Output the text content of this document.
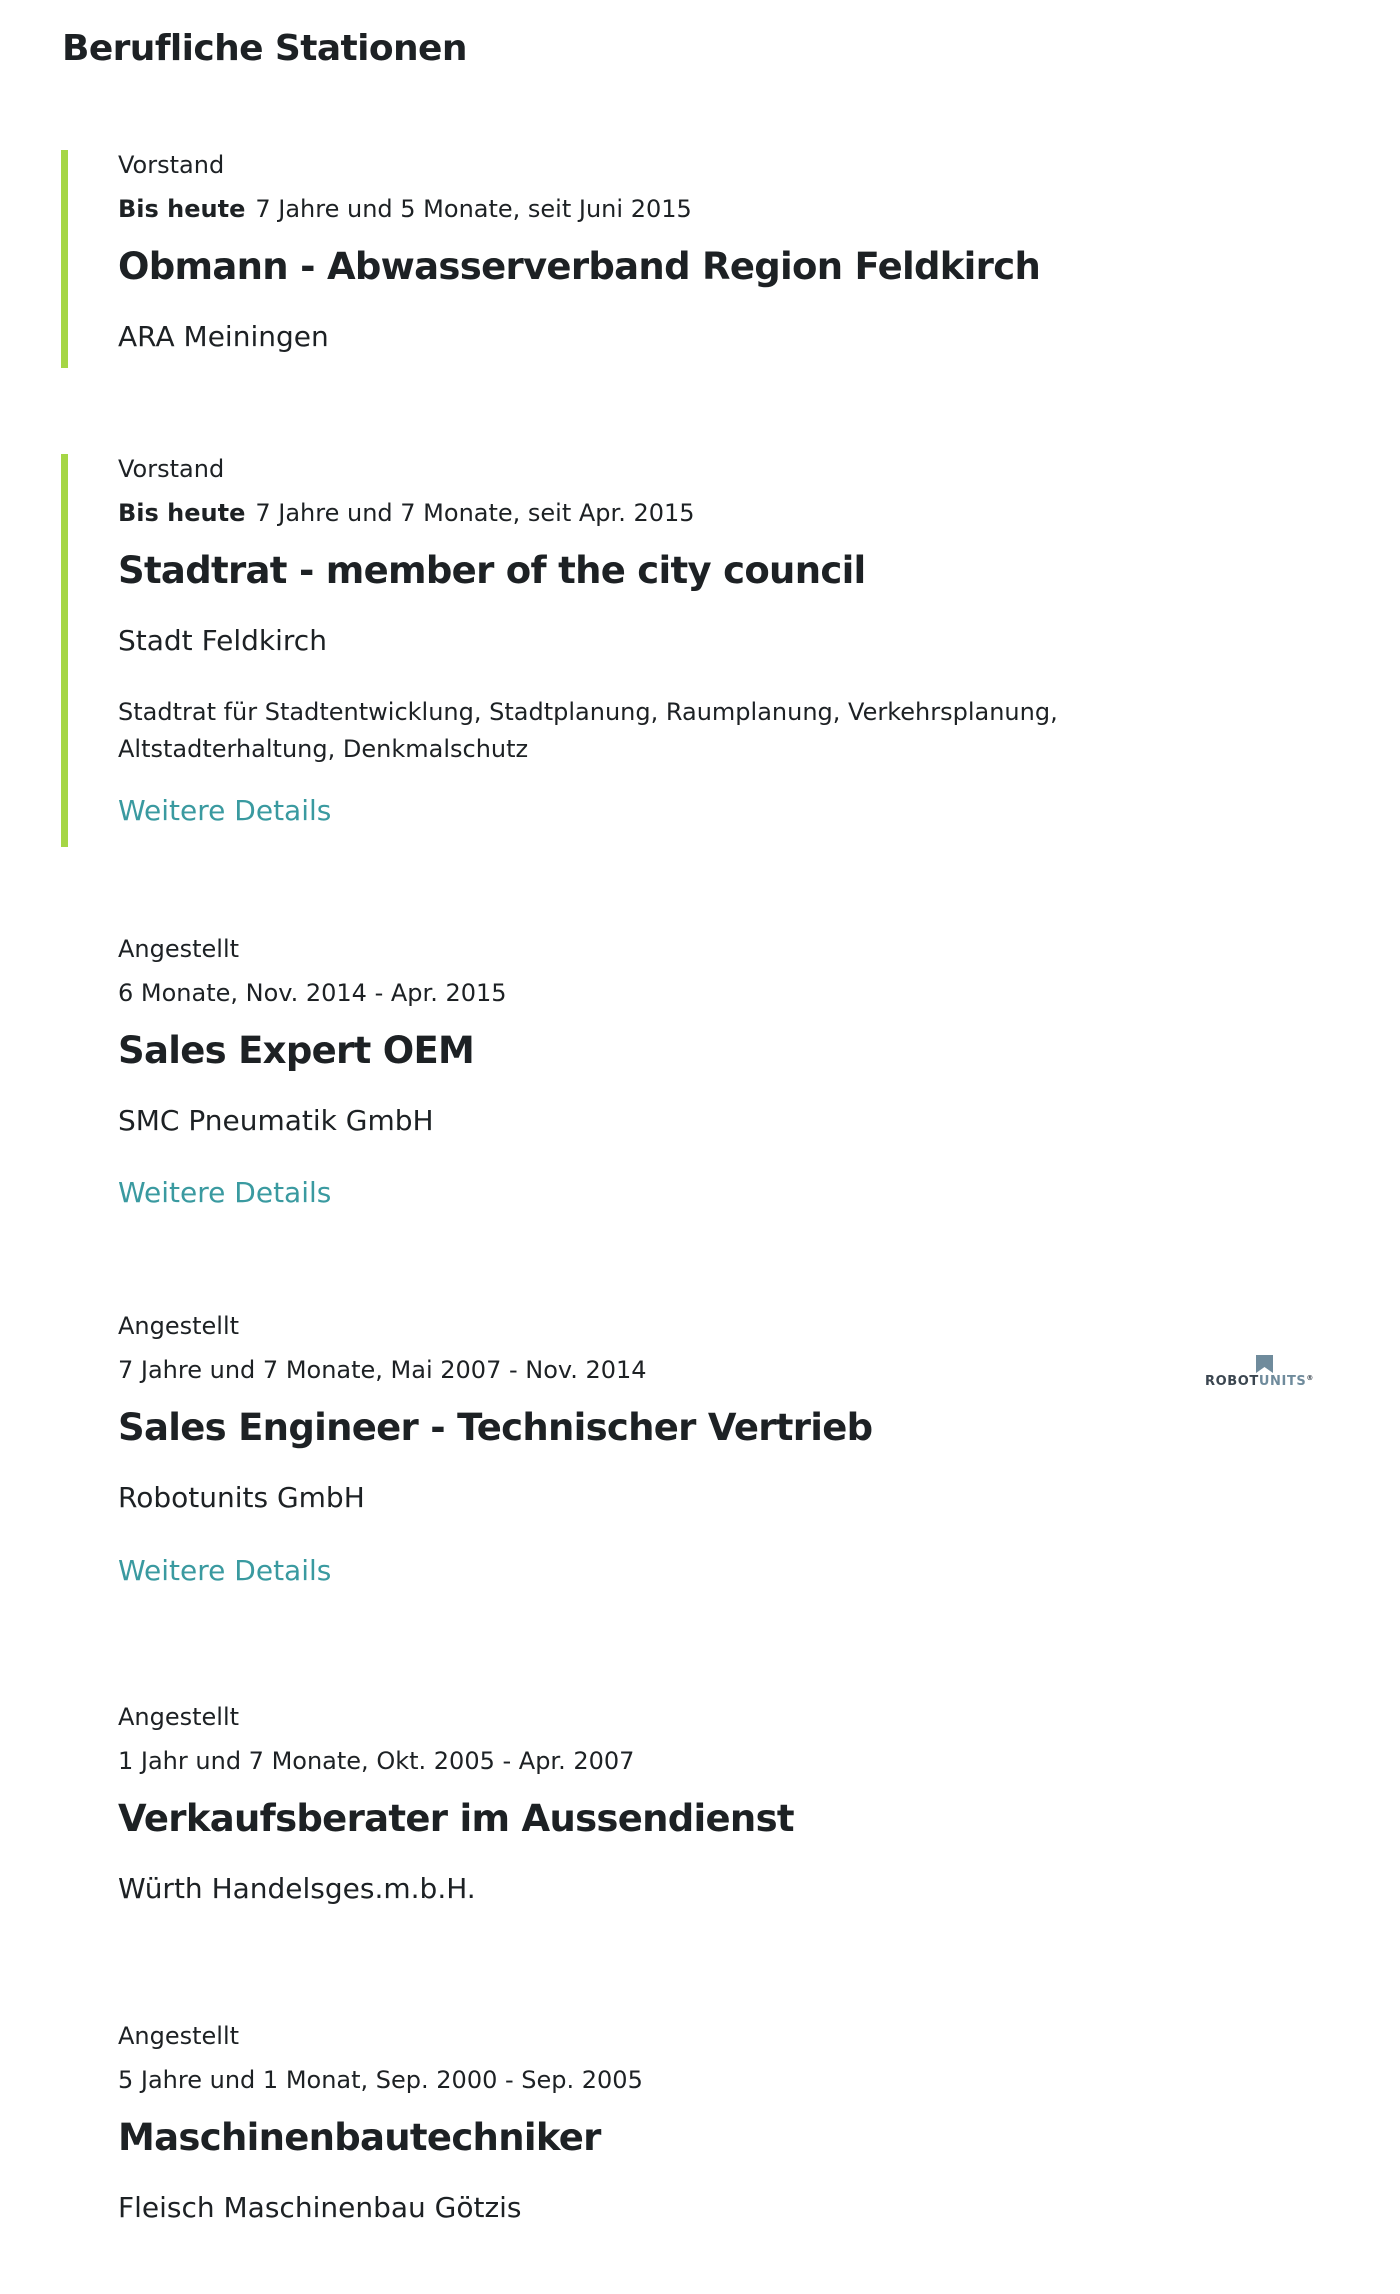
Berufliche Stationen
Vorstand
Bis heute 7 Jahre und 5 Monate, seit Juni 2015
Obmann - Abwasserverband Region Feldkirch
ARA Meiningen
Vorstand
Bis heute 7 Jahre und 7 Monate, seit Apr. 2015
Stadtrat - member of the city council
Stadt Feldkirch
Stadtrat für Stadtentwicklung, Stadtplanung, Raumplanung, Verkehrsplanung, Altstadterhaltung, Denkmalschutz
Weitere Details
Angestellt
6 Monate, Nov. 2014 - Apr. 2015
Sales Expert OEM
SMC Pneumatik GmbH
Weitere Details
Angestellt
7 Jahre und 7 Monate, Mai 2007 - Nov. 2014
Sales Engineer - Technischer Vertrieb
Robotunits GmbH
Weitere Details
ROBOTUNITS®
Angestellt
1 Jahr und 7 Monate, Okt. 2005 - Apr. 2007
Verkaufsberater im Aussendienst
Würth Handelsges.m.b.H.
Angestellt
5 Jahre und 1 Monat, Sep. 2000 - Sep. 2005
Maschinenbautechniker
Fleisch Maschinenbau Götzis
